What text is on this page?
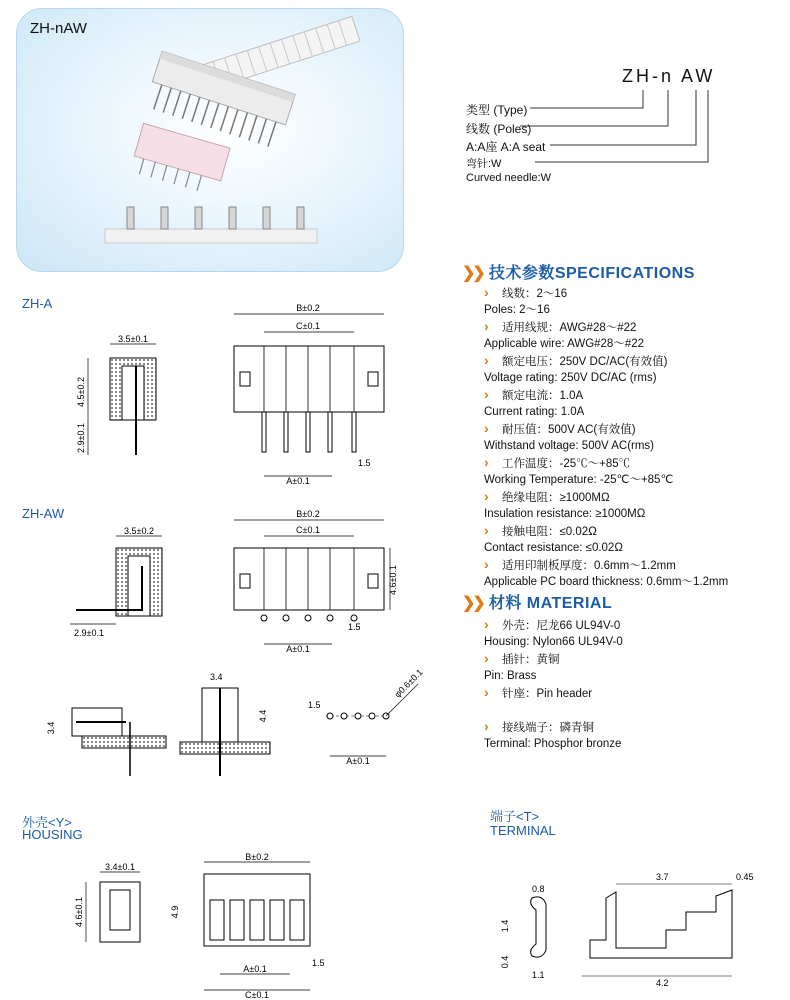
ZH-nAW
ZH-n AW
类型 (Type)
线数 (Poles)
A:A座 A:A seat
弯针:W
Curved needle:W
❯❯ 技术参数SPECIFICATIONS
› 线数：2～16
Poles: 2～16
› 适用线规：AWG#28～#22
Applicable wire: AWG#28～#22
› 额定电压：250V DC/AC(有效值)
Voltage rating: 250V DC/AC (rms)
› 额定电流：1.0A
Current rating: 1.0A
› 耐压值：500V AC(有效值)
Withstand voltage: 500V AC(rms)
› 工作温度：-25℃～+85℃
Working Temperature: -25℃～+85℃
› 绝缘电阻：≥1000MΩ
Insulation resistance: ≥1000MΩ
› 接触电阻：≤0.02Ω
Contact resistance: ≤0.02Ω
› 适用印制板厚度：0.6mm～1.2mm
Applicable PC board thickness: 0.6mm～1.2mm
❯❯ 材料 MATERIAL
› 外壳：尼龙66 UL94V-0
Housing: Nylon66 UL94V-0
› 插针：黄铜
Pin: Brass
› 针座：Pin header
› 接线端子：磷青铜
Terminal: Phosphor bronze
ZH-A
ZH-AW
外壳<Y>
HOUSING
端子<T>
TERMINAL
3.5±0.1
4.5±0.2
2.9±0.1
B±0.2
C±0.1
A±0.1
1.5
3.5±0.2
2.9±0.1
B±0.2
C±0.1
4.6±0.1
A±0.1
1.5
3.4
3.4
4.4
1.5
φ0.6±0.1
A±0.1
3.4±0.1
4.6±0.1
B±0.2
4.9
1.5
A±0.1
C±0.1
0.8
1.4
0.4
1.1
3.7	0.45
4.2
